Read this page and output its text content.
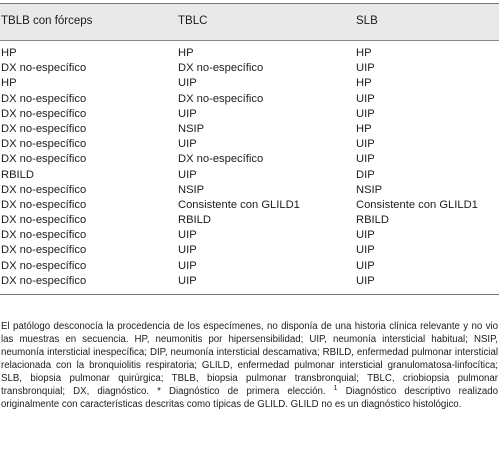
TBLB con fórceps	TBLC	SLB
HP	HP	HP
DX no-específico	DX no-específico	UIP
HP	UIP	HP
DX no-específico	DX no-específico	UIP
DX no-específico	UIP	UIP
DX no-específico	NSIP	HP
DX no-específico	UIP	UIP
DX no-específico	DX no-específico	UIP
RBILD	UIP	DIP
DX no-específico	NSIP	NSIP
DX no-específico	Consistente con GLILD1	Consistente con GLILD1
DX no-específico	RBILD	RBILD
DX no-específico	UIP	UIP
DX no-específico	UIP	UIP
DX no-específico	UIP	UIP
DX no-específico	UIP	UIP

El patólogo desconocía la procedencia de los especímenes, no disponía de una historia clínica relevante y no vio las muestras en secuencia. HP, neumonitis por hipersensibilidad; UIP, neumonía intersticial habitual; NSIP, neumonía intersticial inespecífica; DIP, neumonía intersticial descamativa; RBILD, enfermedad pulmonar intersticial relacionada con la bronquiolitis respiratoria; GLILD, enfermedad pulmonar intersticial granulomatosa-linfocítica; SLB, biopsia pulmonar quirúrgica; TBLB, biopsia pulmonar transbronquial; TBLC, criobiopsia pulmonar transbronquial; DX, diagnóstico. * Diagnóstico de primera elección. $^1$ Diagnóstico descriptivo realizado originalmente con características descritas como típicas de GLILD. GLILD no es un diagnóstico histológico.
